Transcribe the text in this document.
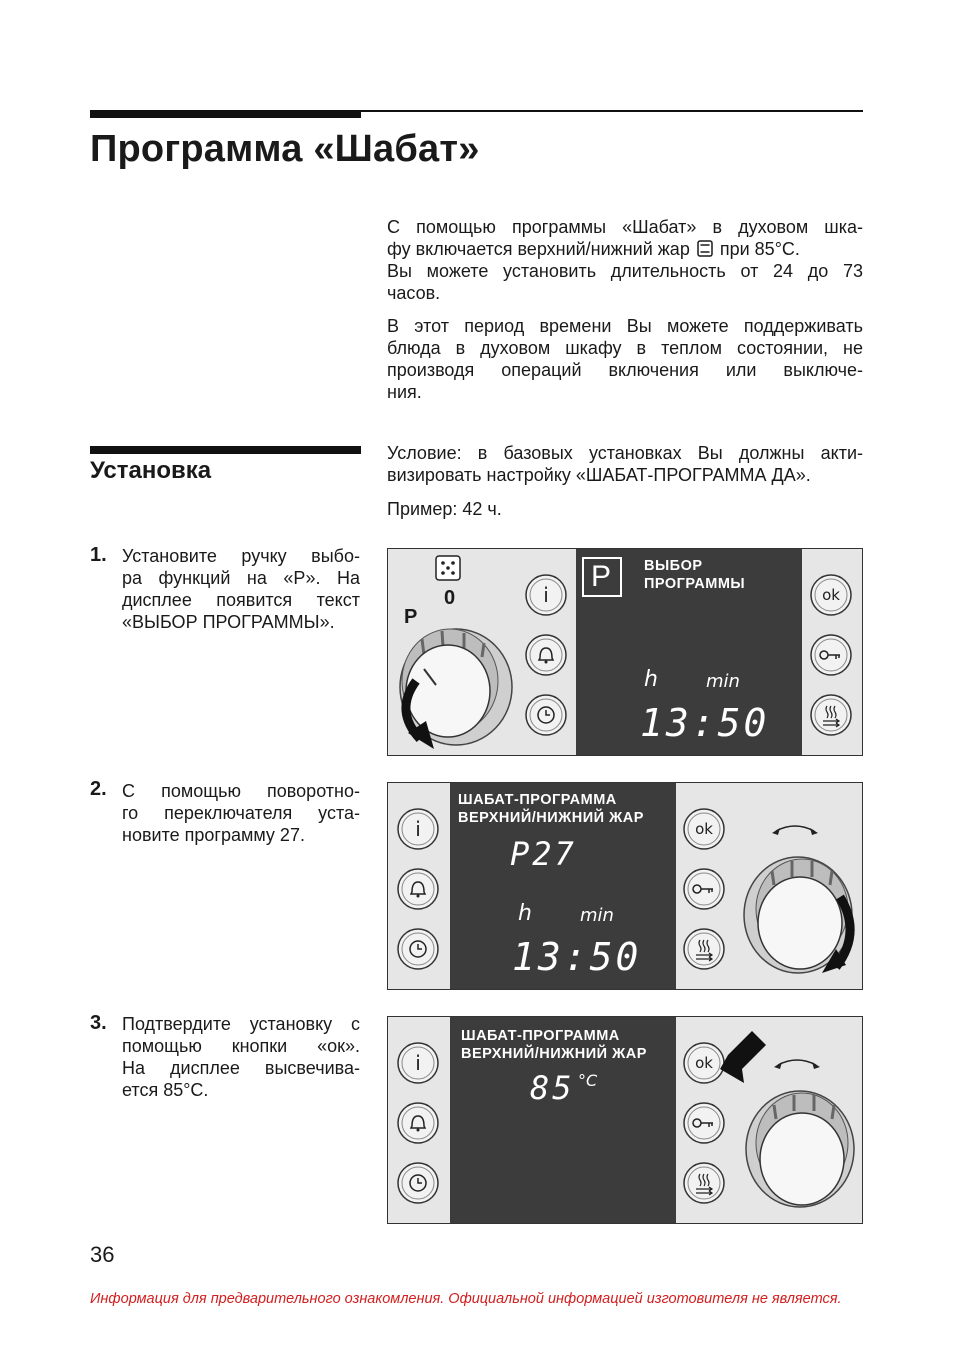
Программа «Шабат»
С помощью программы «Шабат» в духовом шка-
фу включается верхний/нижний жар при 85°C.
Вы можете установить длительность от 24 до 73
часов.
В этот период времени Вы можете поддерживать
блюда в духовом шкафу в теплом состоянии, не
производя операций включения или выключе-
ния.
Установка
Условие: в базовых установках Вы должны акти-
визировать настройку «ШАБАТ-ПРОГРАММА ДА».
Пример: 42 ч.
1. Установите ручку выбо-
ра функций на «P». На
дисплее появится текст
«ВЫБОР ПРОГРАММЫ».
2. С помощью поворотно-
го переключателя уста-
новите программу 27.
3. Подтвердите установку с
помощью кнопки «ок».
На дисплее высвечива-
ется 85°C.
0
P
i
P ВЫБОР
ПРОГРАММЫ
h	min
13:50
ok
i
ШАБАТ-ПРОГРАММА
ВЕРХНИЙ/НИЖНИЙ ЖАР
P27
h	min
13:50
ok
i
ШАБАТ-ПРОГРАММА
ВЕРХНИЙ/НИЖНИЙ ЖАР
85 °C
ok
36
Информация для предварительного ознакомления. Официальной информацией изготовителя не является.
